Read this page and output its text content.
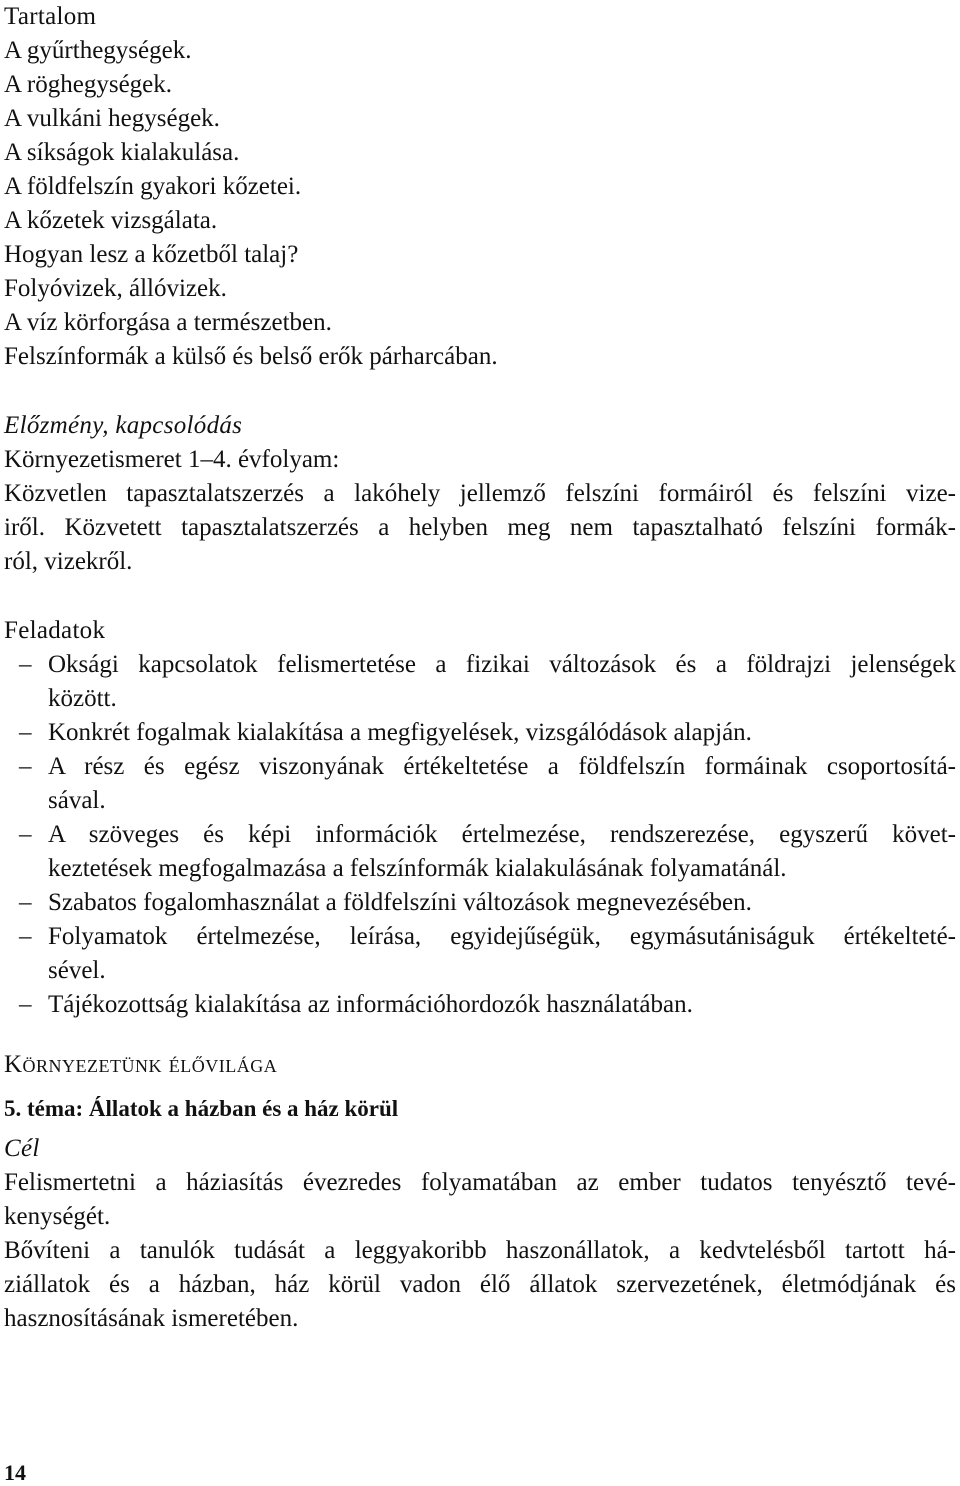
Tartalom
A gyűrthegységek.
A röghegységek.
A vulkáni hegységek.
A síkságok kialakulása.
A földfelszín gyakori kőzetei.
A kőzetek vizsgálata.
Hogyan lesz a kőzetből talaj?
Folyóvizek, állóvizek.
A víz körforgása a természetben.
Felszínformák a külső és belső erők párharcában.
Előzmény, kapcsolódás
Környezetismeret 1–4. évfolyam:
Közvetlen tapasztalatszerzés a lakóhely jellemző felszíni formáiról és felszíni vize-
iről. Közvetett tapasztalatszerzés a helyben meg nem tapasztalható felszíni formák-
ról, vizekről.
Feladatok
– Oksági kapcsolatok felismertetése a fizikai változások és a földrajzi jelenségek
között.
– Konkrét fogalmak kialakítása a megfigyelések, vizsgálódások alapján.
– A rész és egész viszonyának értékeltetése a földfelszín formáinak csoportosítá-
sával.
– A szöveges és képi információk értelmezése, rendszerezése, egyszerű követ-
keztetések megfogalmazása a felszínformák kialakulásának folyamatánál.
– Szabatos fogalomhasználat a földfelszíni változások megnevezésében.
– Folyamatok értelmezése, leírása, egyidejűségük, egymásutániságuk értékelteté-
sével.
– Tájékozottság kialakítása az információhordozók használatában.
Környezetünk élővilága
5. téma: Állatok a házban és a ház körül
Cél
Felismertetni a háziasítás évezredes folyamatában az ember tudatos tenyésztő tevé-
kenységét.
Bővíteni a tanulók tudását a leggyakoribb haszonállatok, a kedvtelésből tartott há-
ziállatok és a házban, ház körül vadon élő állatok szervezetének, életmódjának és
hasznosításának ismeretében.
14
